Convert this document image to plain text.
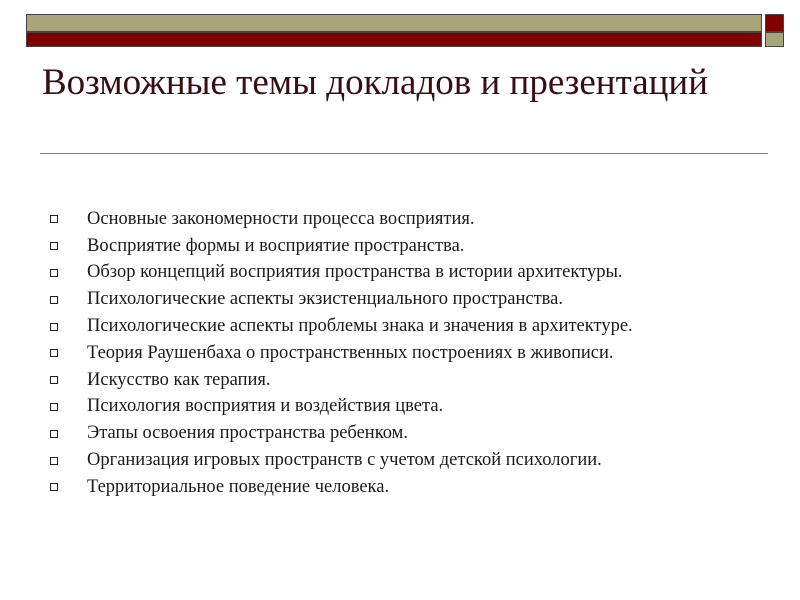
Возможные темы докладов и презентаций
Основные закономерности процесса восприятия.
Восприятие формы и восприятие пространства.
Обзор концепций восприятия пространства в истории архитектуры.
Психологические аспекты экзистенциального пространства.
Психологические аспекты проблемы знака и значения в архитектуре.
Теория Раушенбаха о пространственных построениях в живописи.
Искусство как терапия.
Психология восприятия и воздействия цвета.
Этапы освоения пространства ребенком.
Организация игровых пространств с учетом детской психологии.
Территориальное поведение человека.
